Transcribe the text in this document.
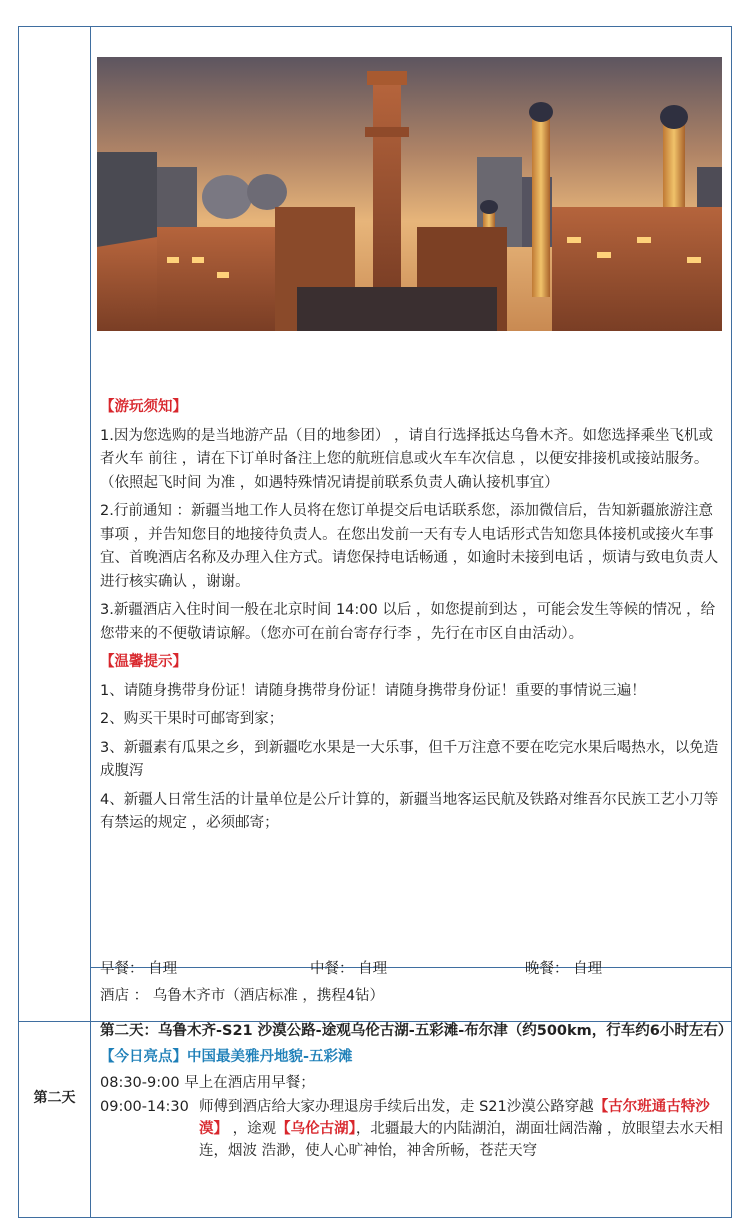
第二天

【游玩须知】

1.因为您选购的是当地游产品（目的地参团） ，请自行选择抵达乌鲁木齐。如您选择乘坐飞机或者火车 前往 ，请在下订单时备注上您的航班信息或火车车次信息 ，以便安排接机或接站服务。（依照起飞时间 为准 ，如遇特殊情况请提前联系负责人确认接机事宜）

2.行前通知 ：新疆当地工作人员将在您订单提交后电话联系您，添加微信后，告知新疆旅游注意事项 ，并告知您目的地接待负责人。在您出发前一天有专人电话形式告知您具体接机或接火车事宜、首晚酒店名称及办理入住方式。请您保持电话畅通 ，如逾时未接到电话 ，烦请与致电负责人进行核实确认 ，谢谢。

3.新疆酒店入住时间一般在北京时间 14:00 以后 ，如您提前到达 ，可能会发生等候的情况 ，给您带来的不便敬请谅解。（您亦可在前台寄存行李 ，先行在市区自由活动）。

【温馨提示】

1、请随身携带身份证！请随身携带身份证！请随身携带身份证！重要的事情说三遍！

2、购买干果时可邮寄到家；

3、新疆素有瓜果之乡，到新疆吃水果是一大乐事，但千万注意不要在吃完水果后喝热水，以免造成腹泻

4、新疆人日常生活的计量单位是公斤计算的，新疆当地客运民航及铁路对维吾尔民族工艺小刀等有禁运的规定 ，必须邮寄；

早餐： 自理	中餐： 自理	晚餐： 自理
酒店 ： 乌鲁木齐市（酒店标准 ，携程4钻）

第二天：乌鲁木齐-S21 沙漠公路-途观乌伦古湖-五彩滩-布尔津（约500km，行车约6小时左右）

【今日亮点】中国最美雅丹地貌-五彩滩

08:30-9:00 早上在酒店用早餐；
09:00-14:30 师傅到酒店给大家办理退房手续后出发，走 S21沙漠公路穿越【古尔班通古特沙漠】 ，途观【乌伦古湖】，北疆最大的内陆湖泊，湖面壮阔浩瀚 ，放眼望去水天相连，烟波 浩渺，使人心旷神怡，神舍所畅，苍茫天穹
